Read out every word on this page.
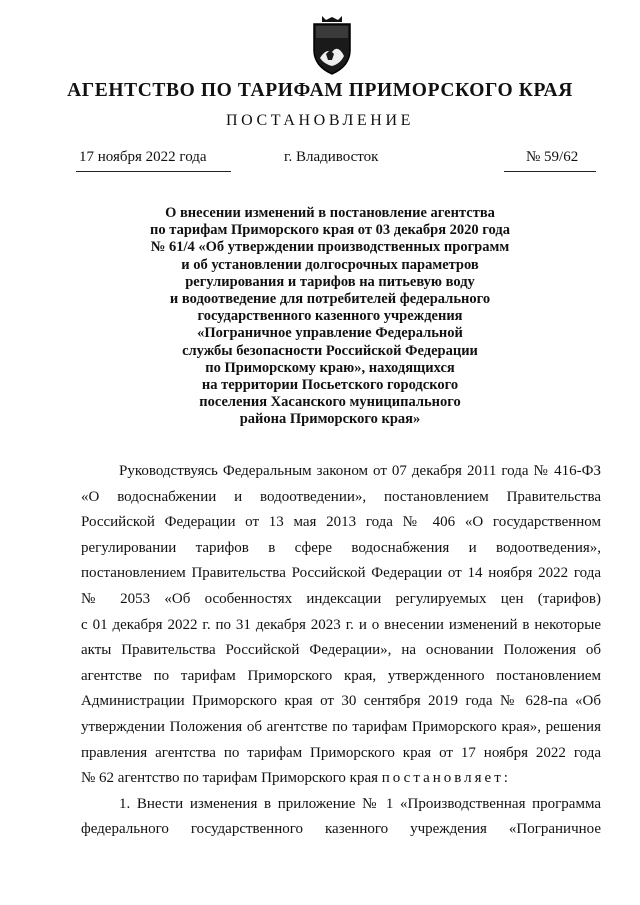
АГЕНТСТВО ПО ТАРИФАМ ПРИМОРСКОГО КРАЯ
ПОСТАНОВЛЕНИЕ
17 ноября 2022 года	г. Владивосток	№ 59/62
О внесении изменений в постановление агентства
по тарифам Приморского края от 03 декабря 2020 года
№ 61/4 «Об утверждении производственных программ
и об установлении долгосрочных параметров
регулирования и тарифов на питьевую воду
и водоотведение для потребителей федерального
государственного казенного учреждения
«Пограничное управление Федеральной
службы безопасности Российской Федерации
по Приморскому краю», находящихся
на территории Посьетского городского
поселения Хасанского муниципального
района Приморского края»
Руководствуясь Федеральным законом от 07 декабря 2011 года № 416-ФЗ
«О водоснабжении и водоотведении», постановлением Правительства
Российской Федерации от 13 мая 2013 года № 406 «О государственном
регулировании тарифов в сфере водоснабжения и водоотведения»,
постановлением Правительства Российской Федерации от 14 ноября 2022 года
№ 2053 «Об особенностях индексации регулируемых цен (тарифов)
с 01 декабря 2022 г. по 31 декабря 2023 г. и о внесении изменений в некоторые
акты Правительства Российской Федерации», на основании Положения об
агентстве по тарифам Приморского края, утвержденного постановлением
Администрации Приморского края от 30 сентября 2019 года № 628-па «Об
утверждении Положения об агентстве по тарифам Приморского края», решения
правления агентства по тарифам Приморского края от 17 ноября 2022 года
№ 62 агентство по тарифам Приморского края постановляет:
1. Внести изменения в приложение № 1 «Производственная программа
федерального государственного казенного учреждения «Пограничное
